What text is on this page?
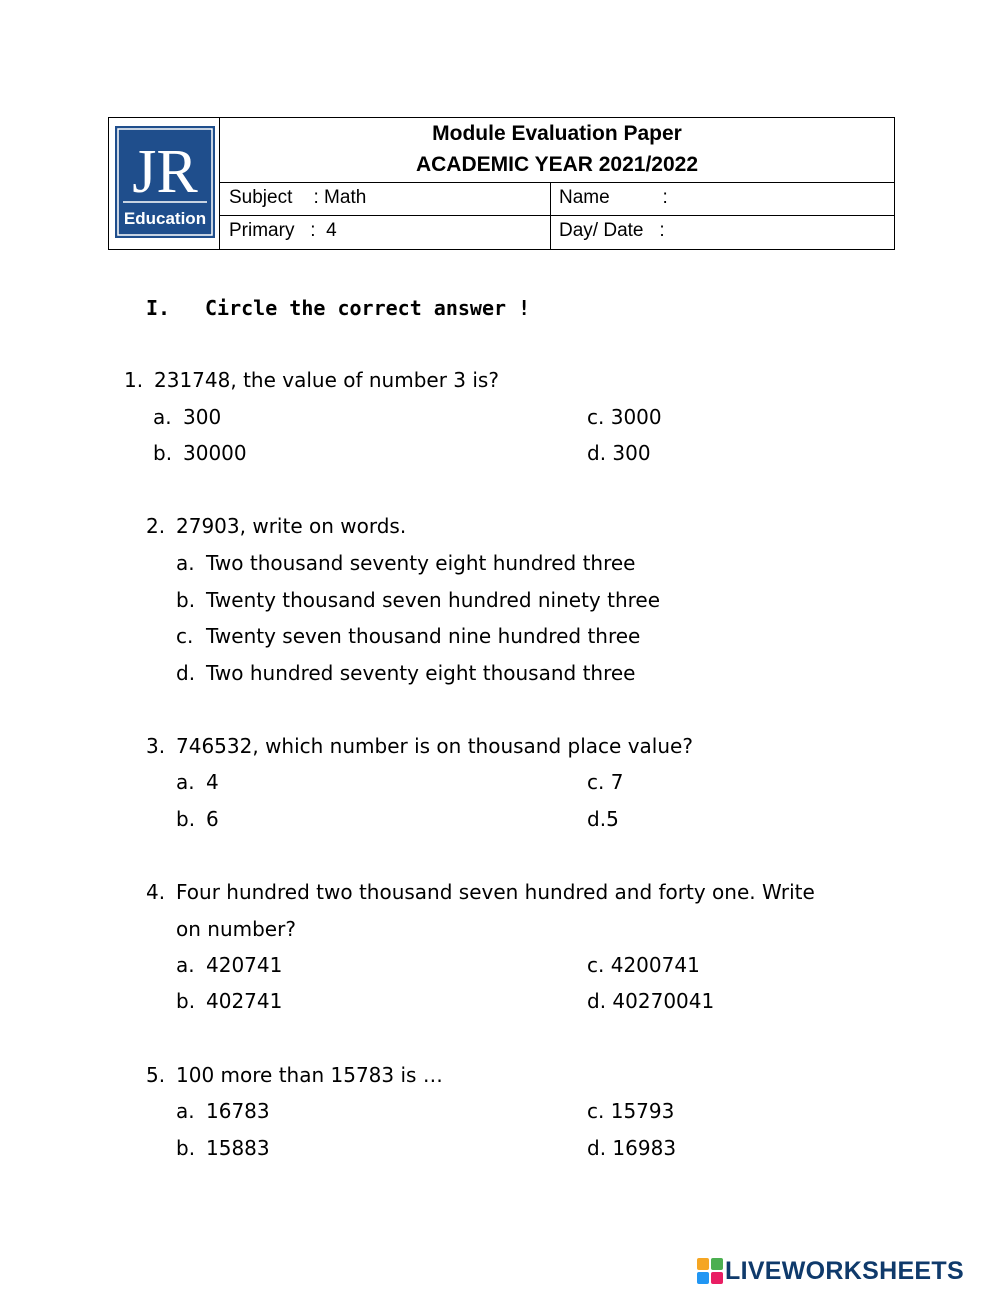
JR
Education
Module Evaluation Paper
ACADEMIC YEAR 2021/2022
Subject    : Math	Name          :
Primary   :  4	Day/ Date   :
I. Circle the correct answer !
1. 231748, the value of number 3 is?
a. 300
b. 30000
c. 3000
d. 300
2. 27903, write on words.
a. Two thousand seventy eight hundred three
b. Twenty thousand seven hundred ninety three
c. Twenty seven thousand nine hundred three
d. Two hundred seventy eight thousand three
3. 746532, which number is on thousand place value?
a. 4
b. 6
c. 7
d.5
4. Four hundred two thousand seven hundred and forty one. Write
on number?
a. 420741
b. 402741
c. 4200741
d. 40270041
5. 100 more than 15783 is …
a. 16783
b. 15883
c. 15793
d. 16983
LIVEWORKSHEETS
